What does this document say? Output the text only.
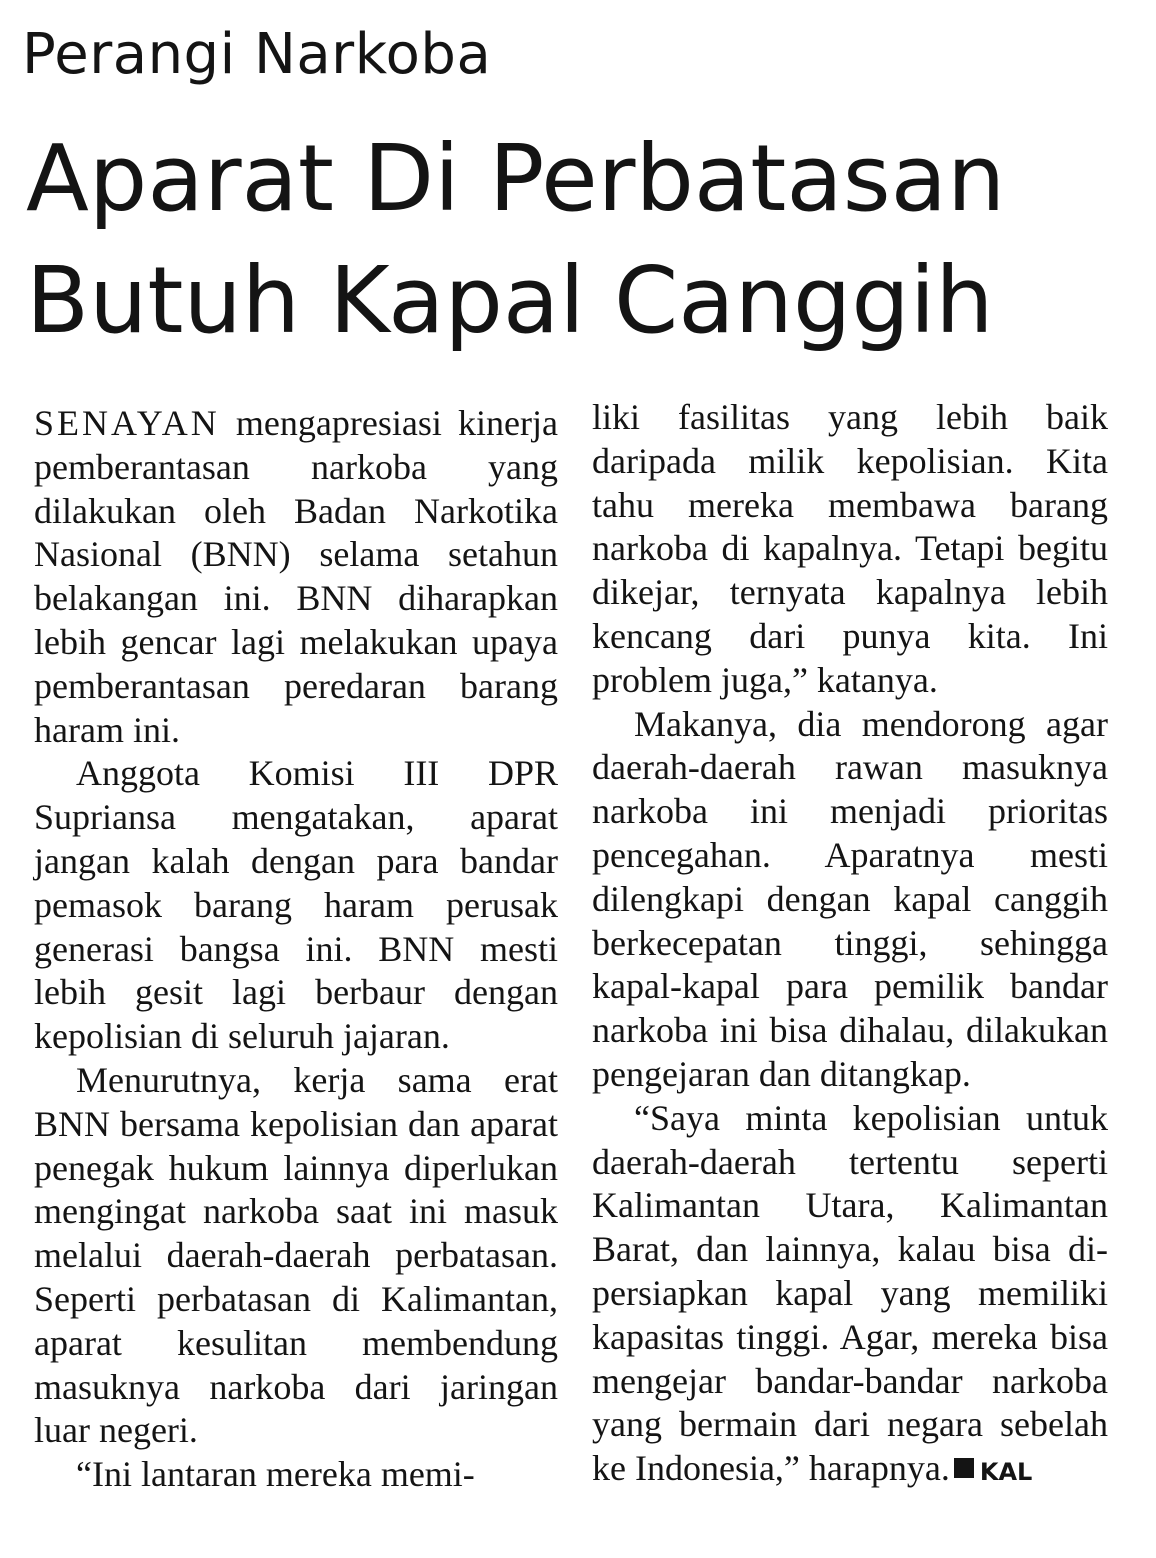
Perangi Narkoba
Aparat Di Perbatasan
Butuh Kapal Canggih

SENAYAN mengapresiasi kinerja pemberantasan narkoba yang dilakukan oleh Badan Narkotika Nasional (BNN) selama setahun belakangan ini. BNN diharapkan lebih gencar lagi melakukan upaya pemberantasan peredaran barang haram ini.

Anggota Komisi III DPR Supriansa mengatakan, aparat jangan kalah dengan para bandar pemasok barang haram perusak generasi bangsa ini. BNN mesti lebih gesit lagi berbaur dengan kepolisian di seluruh jajaran.

Menurutnya, kerja sama erat BNN bersama kepolisian dan aparat penegak hukum lainnya diperlukan mengingat narkoba saat ini masuk melalui daerah-daerah perbatasan. Seperti perbatasan di Kalimantan, aparat kesulitan membendung masuknya narkoba dari jaringan luar negeri.

“Ini lantaran mereka memi-

liki fasilitas yang lebih baik daripada milik kepolisian. Kita tahu mereka membawa barang narkoba di kapalnya. Tetapi begitu dikejar, ternyata kapalnya lebih kencang dari punya kita. Ini problem juga,” katanya.

Makanya, dia mendorong agar daerah-daerah rawan masuknya narkoba ini menjadi prioritas pencegahan. Aparatnya mesti dilengkapi dengan kapal canggih berkecepatan tinggi, sehingga kapal-kapal para pemilik bandar narkoba ini bisa dihalau, dilakukan pengejaran dan ditangkap.

“Saya minta kepolisian untuk daerah-daerah tertentu seperti Kalimantan Utara, Kalimantan Barat, dan lainnya, kalau bisa dipersiapkan kapal yang memiliki kapasitas tinggi. Agar, mereka bisa mengejar bandar-bandar narkoba yang bermain dari negara sebelah ke Indonesia,” harapnya. KAL
